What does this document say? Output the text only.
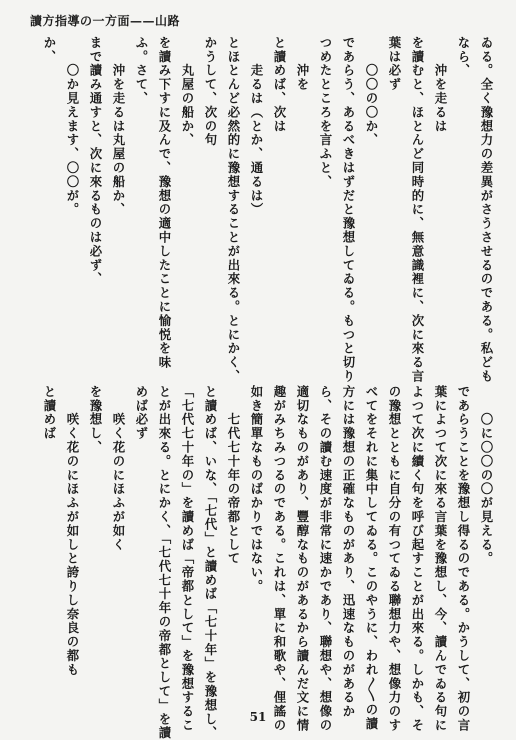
讀方指導の一方面——山路
ゐる。全く豫想力の差異がさうさせるのである。私ども
なら、
　　沖を走るは
を讀むと、ほとんど同時的に、無意識裡に、次に來る言
葉は必ず
　　〇〇の〇か、
であらう、あるべきはずだと豫想してゐる。もつと切り
つめたところを言ふと、
　　沖を
と讀めば、次は
　　走るは（とか、通るは）
とほとんど必然的に豫想することが出來る。とにかく、
かうして、次の句
　　丸屋の船か、
を讀み下すに及んで、豫想の適中したことに愉悦を味
ふ。さて、
　　沖を走るは丸屋の船か、
まで讀み通すと、次に來るものは必ず、
　　〇か見えます、〇〇が。
か、
　　〇に〇〇の〇が見える。
であらうことを豫想し得るのである。かうして、初の言
葉によつて次に來る言葉を豫想し、今、讀んでゐる句に
よつて次に續く句を呼び起すことが出來る。しかも、そ
の豫想とともに自分の有つてゐる聯想力や、想像力のす
べてをそれに集中してゐる。このやうに、われ〳〵の讀
方には豫想の正確なものがあり、迅速なものがあるか
ら、その讀む速度が非常に速かであり、聯想や、想像の
適切なものがあり、豐醇なものがあるから讀んだ文に情
趣がみちみつるのである。これは、單に和歌や、俚謠の
如き簡單なものばかりではない。
　　七代七十年の帝都として
と讀めば、いな、「七代」と讀めば「七十年」を豫想し、
「七代七十年の」を讀めば「帝都として」を豫想するこ
とが出來る。とにかく、「七代七十年の帝都として」を讀
めば必ず
　　咲く花のにほふが如く
を豫想し、
　　咲く花のにほふが如しと誇りし奈良の都も
と讀めば
51
